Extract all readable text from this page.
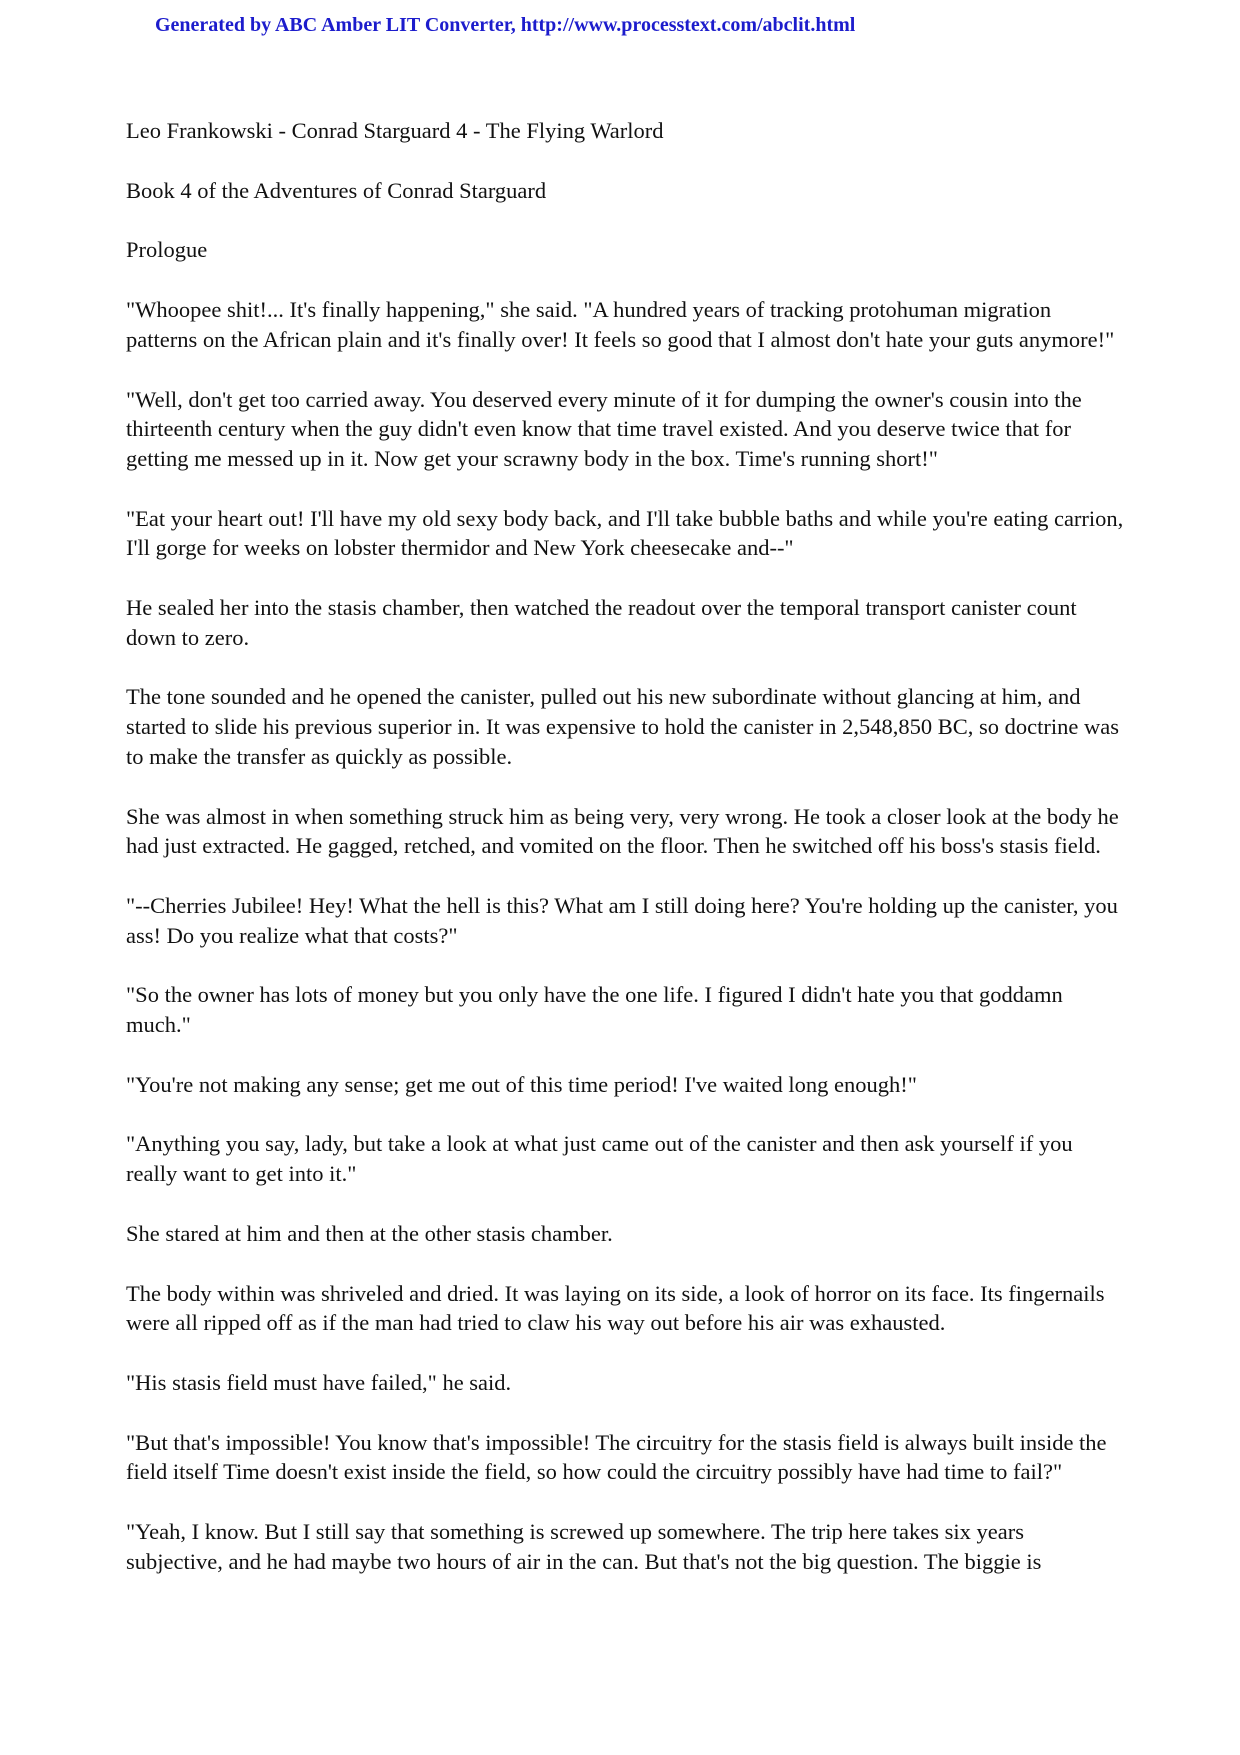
Generated by ABC Amber LIT Converter, http://www.processtext.com/abclit.html

Leo Frankowski - Conrad Starguard 4 - The Flying Warlord

Book 4 of the Adventures of Conrad Starguard

Prologue

"Whoopee shit!... It's finally happening," she said. "A hundred years of tracking protohuman migration patterns on the African plain and it's finally over! It feels so good that I almost don't hate your guts anymore!"

"Well, don't get too carried away. You deserved every minute of it for dumping the owner's cousin into the thirteenth century when the guy didn't even know that time travel existed. And you deserve twice that for getting me messed up in it. Now get your scrawny body in the box. Time's running short!"

"Eat your heart out! I'll have my old sexy body back, and I'll take bubble baths and while you're eating carrion, I'll gorge for weeks on lobster thermidor and New York cheesecake and--"

He sealed her into the stasis chamber, then watched the readout over the temporal transport canister count down to zero.

The tone sounded and he opened the canister, pulled out his new subordinate without glancing at him, and started to slide his previous superior in. It was expensive to hold the canister in 2,548,850 BC, so doctrine was to make the transfer as quickly as possible.

She was almost in when something struck him as being very, very wrong. He took a closer look at the body he had just extracted. He gagged, retched, and vomited on the floor. Then he switched off his boss's stasis field.

"--Cherries Jubilee! Hey! What the hell is this? What am I still doing here? You're holding up the canister, you ass! Do you realize what that costs?"

"So the owner has lots of money but you only have the one life. I figured I didn't hate you that goddamn much."

"You're not making any sense; get me out of this time period! I've waited long enough!"

"Anything you say, lady, but take a look at what just came out of the canister and then ask yourself if you really want to get into it."

She stared at him and then at the other stasis chamber.

The body within was shriveled and dried. It was laying on its side, a look of horror on its face. Its fingernails were all ripped off as if the man had tried to claw his way out before his air was exhausted.

"His stasis field must have failed," he said.

"But that's impossible! You know that's impossible! The circuitry for the stasis field is always built inside the field itself Time doesn't exist inside the field, so how could the circuitry possibly have had time to fail?"

"Yeah, I know. But I still say that something is screwed up somewhere. The trip here takes six years subjective, and he had maybe two hours of air in the can. But that's not the big question. The biggie is
